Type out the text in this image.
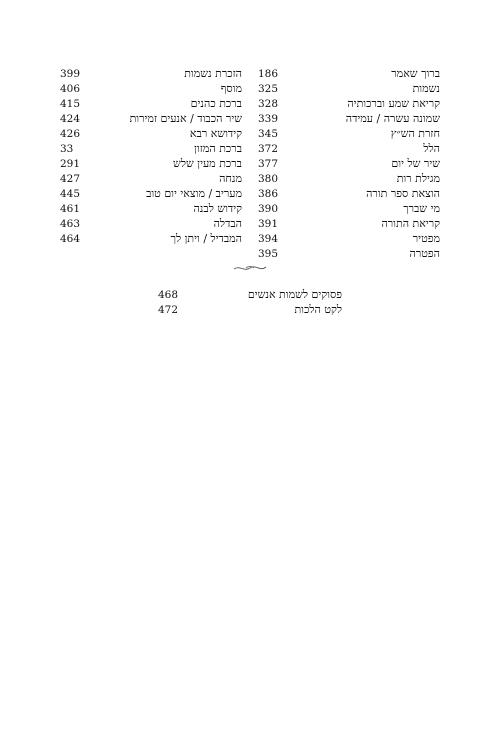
ברוך שאמר
186
נשמות
325
קריאת שמע וברכותיה
328
שמונה עשרה / עמידה
339
חזרת הש״ץ
345
הלל
372
שיר של יום
377
מגילת רות
380
הוצאת ספר תורה
386
מי שברך
390
קריאת התורה
391
מפטיר
394
הפטרה
395
הזכרת נשמות
399
מוסף
406
ברכת כהנים
415
שיר הכבוד / אנעים זמירות
424
קידושא רבא
426
ברכת המזון
33
ברכת מעין שלש
291
מנחה
427
מעריב / מוצאי יום טוב
445
קידוש לבנה
461
הבדלה
463
המבדיל / ויתן לך
464
פסוקים לשמות אנשים
468
לקט הלכות
472
